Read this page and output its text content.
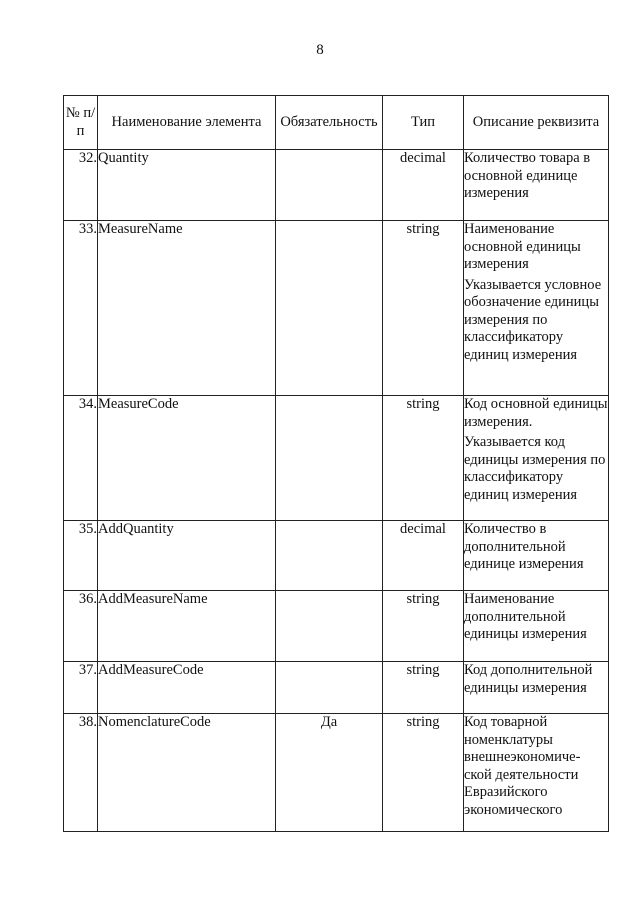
8
№ п/п	Наименование элемента	Обязательность	Тип	Описание реквизита
32.	Quantity		decimal	Количество товара в основной единице измерения

33.	MeasureName		string	Наименование основной единицы измерения
Указывается условное обозначение единицы измерения по классификатору единиц измерения

34.	MeasureCode		string	Код основной единицы измерения.
Указывается код единицы измерения по классификатору единиц измерения

35.	AddQuantity		decimal	Количество в дополнительной единице измерения

36.	AddMeasureName		string	Наименование дополнительной единицы измерения

37.	AddMeasureCode		string	Код дополнительной единицы измерения

38.	NomenclatureCode	Да	string	Код товарной номенклатуры внешнеэкономиче-ской деятельности Евразийского экономического
